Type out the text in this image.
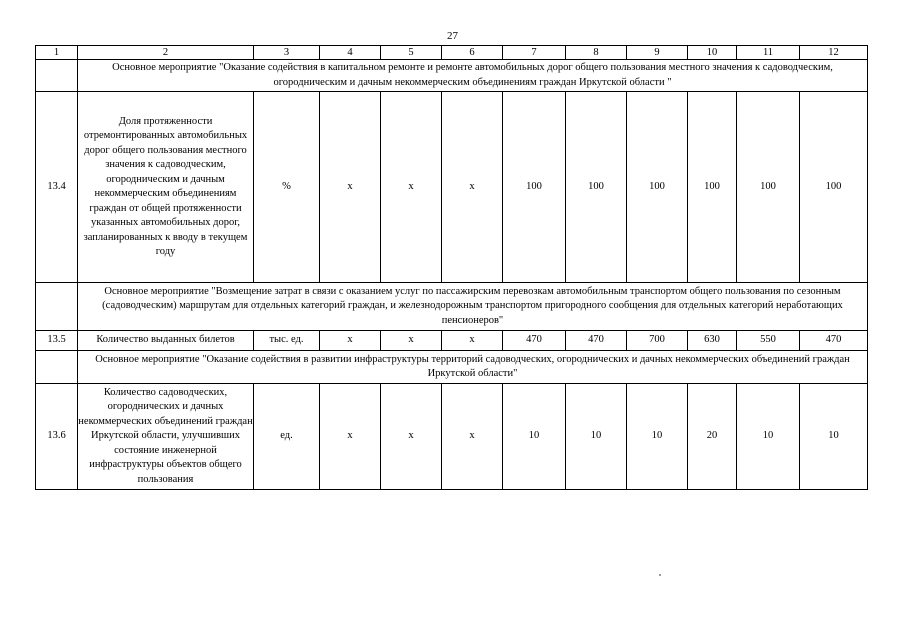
27
1	2	3	4	5	6	7	8	9	10	11	12
	Основное мероприятие "Оказание содействия в капитальном ремонте и ремонте автомобильных дорог общего пользования местного значения к садоводческим, огородническим и дачным некоммерческим объединениям граждан Иркутской области "										
13.4	Доля протяженности отремонтированных автомобильных дорог общего пользования местного значения к садоводческим, огородническим и дачным некоммерческим объединениям граждан от общей протяженности указанных автомобильных дорог, запланированных к вводу в текущем году	%	х	х	х	100	100	100	100	100	100
	Основное мероприятие "Возмещение затрат в связи с оказанием услуг по пассажирским перевозкам автомобильным транспортом общего пользования по сезонным (садоводческим) маршрутам для отдельных категорий граждан, и железнодорожным транспортом пригородного сообщения для отдельных категорий неработающих пенсионеров"										
13.5	Количество выданных билетов	тыс. ед.	х	х	х	470	470	700	630	550	470
	Основное мероприятие "Оказание содействия в развитии инфраструктуры территорий садоводческих, огороднических и дачных некоммерческих объединений граждан Иркутской области"										
13.6	Количество садоводческих, огороднических и дачных некоммерческих объединений граждан Иркутской области, улучшивших состояние инженерной инфраструктуры объектов общего пользования	ед.	х	х	х	10	10	10	20	10	10
